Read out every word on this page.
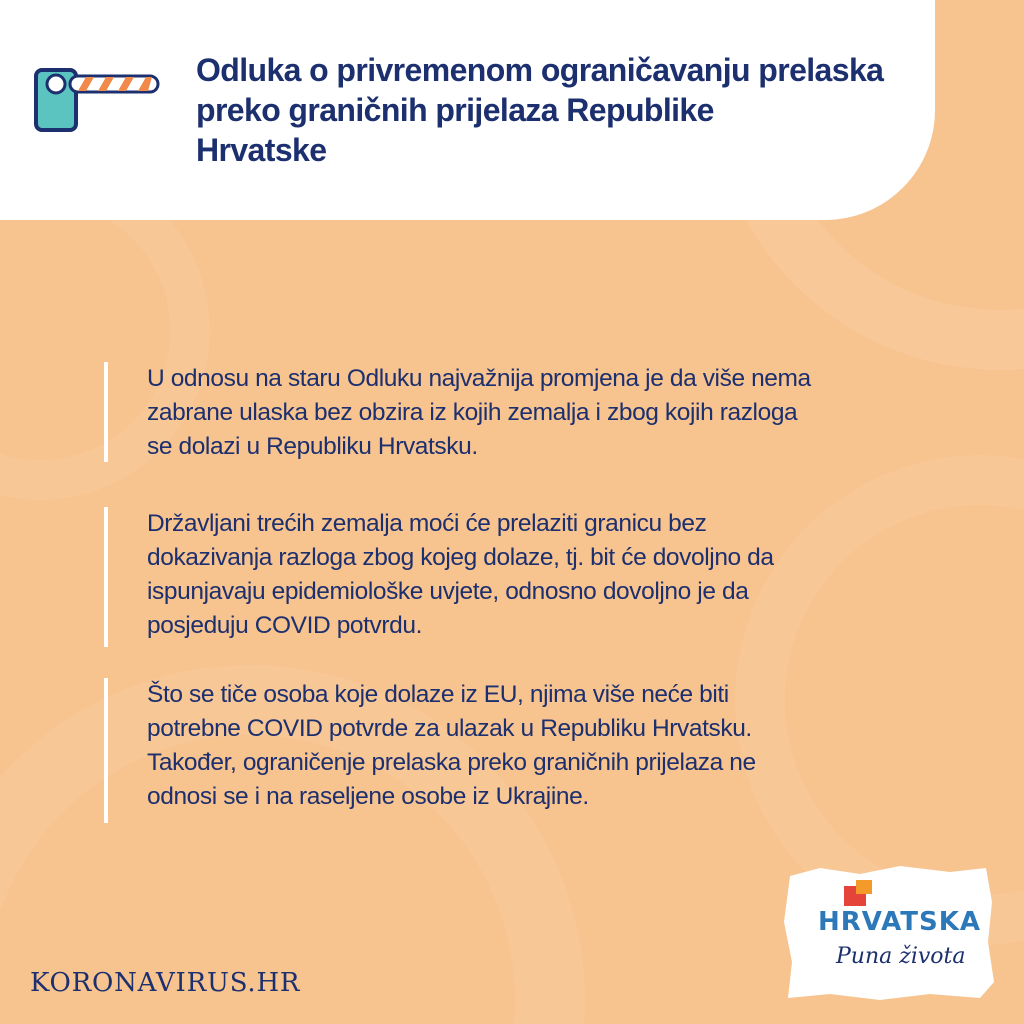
Odluka o privremenom ograničavanju prelaska
preko graničnih prijelaza Republike
Hrvatske
U odnosu na staru Odluku najvažnija promjena je da više nema
zabrane ulaska bez obzira iz kojih zemalja i zbog kojih razloga
se dolazi u Republiku Hrvatsku.
Državljani trećih zemalja moći će prelaziti granicu bez
dokazivanja razloga zbog kojeg dolaze, tj. bit će dovoljno da
ispunjavaju epidemiološke uvjete, odnosno dovoljno je da
posjeduju COVID potvrdu.
Što se tiče osoba koje dolaze iz EU, njima više neće biti
potrebne COVID potvrde za ulazak u Republiku Hrvatsku.
Također, ograničenje prelaska preko graničnih prijelaza ne
odnosi se i na raseljene osobe iz Ukrajine.

KORONAVIRUS.HR

HRVATSKA

Puna života
